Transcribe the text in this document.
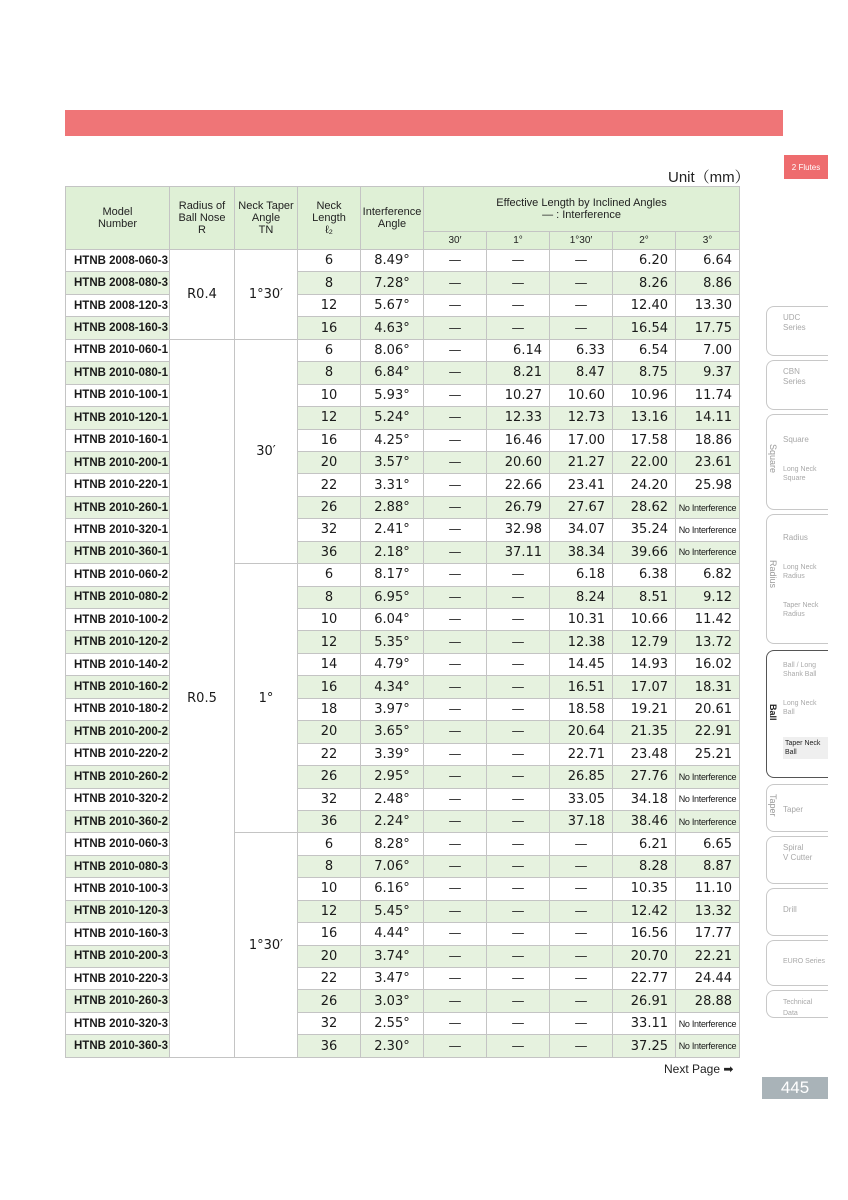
2 Flutes
Unit（mm）
Model
Number	Radius of
Ball Nose
R	Neck Taper
Angle
TN	Neck
Length
ℓ₂	Interference
Angle	Effective Length by Inclined Angles
― : Interference				
					30′	1°	1°30′	2°	3°
HTNB 2008-060-3	R0.4	1°30′	6	8.49°	—	—	—	6.20	6.64
HTNB 2008-080-3			8	7.28°	—	—	—	8.26	8.86
HTNB 2008-120-3			12	5.67°	—	—	—	12.40	13.30
HTNB 2008-160-3			16	4.63°	—	—	—	16.54	17.75
HTNB 2010-060-1	R0.5	30′	6	8.06°	—	6.14	6.33	6.54	7.00
HTNB 2010-080-1			8	6.84°	—	8.21	8.47	8.75	9.37
HTNB 2010-100-1			10	5.93°	—	10.27	10.60	10.96	11.74
HTNB 2010-120-1			12	5.24°	—	12.33	12.73	13.16	14.11
HTNB 2010-160-1			16	4.25°	—	16.46	17.00	17.58	18.86
HTNB 2010-200-1			20	3.57°	—	20.60	21.27	22.00	23.61
HTNB 2010-220-1			22	3.31°	—	22.66	23.41	24.20	25.98
HTNB 2010-260-1			26	2.88°	—	26.79	27.67	28.62	No Interference
HTNB 2010-320-1			32	2.41°	—	32.98	34.07	35.24	No Interference
HTNB 2010-360-1			36	2.18°	—	37.11	38.34	39.66	No Interference
HTNB 2010-060-2		1°	6	8.17°	—	—	6.18	6.38	6.82
HTNB 2010-080-2			8	6.95°	—	—	8.24	8.51	9.12
HTNB 2010-100-2			10	6.04°	—	—	10.31	10.66	11.42
HTNB 2010-120-2			12	5.35°	—	—	12.38	12.79	13.72
HTNB 2010-140-2			14	4.79°	—	—	14.45	14.93	16.02
HTNB 2010-160-2			16	4.34°	—	—	16.51	17.07	18.31
HTNB 2010-180-2			18	3.97°	—	—	18.58	19.21	20.61
HTNB 2010-200-2			20	3.65°	—	—	20.64	21.35	22.91
HTNB 2010-220-2			22	3.39°	—	—	22.71	23.48	25.21
HTNB 2010-260-2			26	2.95°	—	—	26.85	27.76	No Interference
HTNB 2010-320-2			32	2.48°	—	—	33.05	34.18	No Interference
HTNB 2010-360-2			36	2.24°	—	—	37.18	38.46	No Interference
HTNB 2010-060-3		1°30′	6	8.28°	—	—	—	6.21	6.65
HTNB 2010-080-3			8	7.06°	—	—	—	8.28	8.87
HTNB 2010-100-3			10	6.16°	—	—	—	10.35	11.10
HTNB 2010-120-3			12	5.45°	—	—	—	12.42	13.32
HTNB 2010-160-3			16	4.44°	—	—	—	16.56	17.77
HTNB 2010-200-3			20	3.74°	—	—	—	20.70	22.21
HTNB 2010-220-3			22	3.47°	—	—	—	22.77	24.44
HTNB 2010-260-3			26	3.03°	—	—	—	26.91	28.88
HTNB 2010-320-3			32	2.55°	—	—	—	33.11	No Interference
HTNB 2010-360-3			36	2.30°	—	—	—	37.25	No Interference
Next Page ➡
445
UDC
Series
CBN
Series
Square
Long Neck
Square
Radius
Long Neck
Radius
Taper Neck
Radius
Ball / Long
Shank Ball
Long Neck
Ball
Taper Neck
Ball
Taper
Spiral
V Cutter
Drill
EURO Series
Technical Data
Square
Radius
Ball
Taper
